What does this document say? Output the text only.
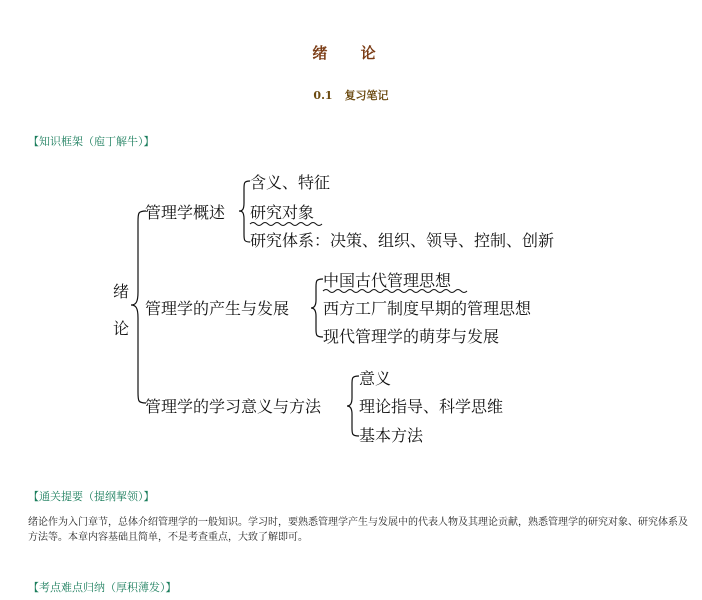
绪 论
0.1 复习笔记
【知识框架（庖丁解牛）】
绪
论
管理学概述
含义、特征
研究对象
研究体系：决策、组织、领导、控制、创新
管理学的产生与发展
中国古代管理思想
西方工厂制度早期的管理思想
现代管理学的萌芽与发展
管理学的学习意义与方法
意义
理论指导、科学思维
基本方法
【通关提要（提纲挈领）】
绪论作为入门章节，总体介绍管理学的一般知识。学习时，要熟悉管理学产生与发展中的代表人物及其理论贡献，熟悉管理学的研究对象、研究体系及方法等。本章内容基础且简单，不是考查重点，大致了解即可。
【考点难点归纳（厚积薄发）】
